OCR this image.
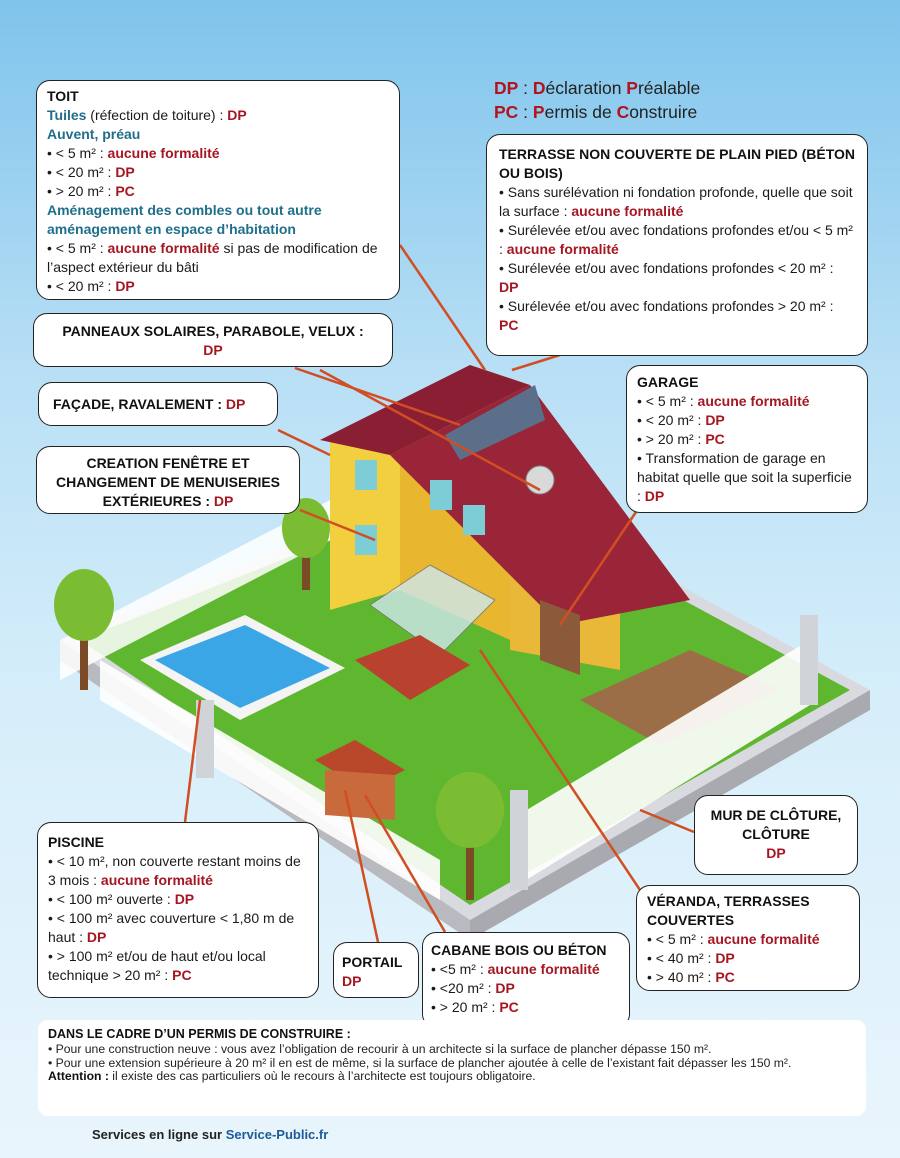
DP : Déclaration Préalable
PC : Permis de Construire
TOIT
Tuiles (réfection de toiture) : DP
Auvent, préau
• < 5 m² : aucune formalité
• < 20 m² : DP
• > 20 m² : PC
Aménagement des combles ou tout autre aménagement en espace d’habitation
• < 5 m² : aucune formalité si pas de modification de l’aspect extérieur du bâti
• < 20 m² : DP
TERRASSE NON COUVERTE DE PLAIN PIED (BÉTON OU BOIS)
• Sans surélévation ni fondation profonde, quelle que soit la surface : aucune formalité
• Surélevée et/ou avec fondations profondes et/ou < 5 m² : aucune formalité
• Surélevée et/ou avec fondations profondes < 20 m² : DP
• Surélevée et/ou avec fondations profondes > 20 m² : PC
PANNEAUX SOLAIRES, PARABOLE, VELUX :
DP
FAÇADE, RAVALEMENT : DP
CREATION FENÊTRE ET CHANGEMENT DE MENUISERIES EXTÉRIEURES : DP
GARAGE
• < 5 m² : aucune formalité
• < 20 m² : DP
• > 20 m² : PC
• Transformation de garage en habitat quelle que soit la superficie : DP
MUR DE CLÔTURE, CLÔTURE
DP
PISCINE
• < 10 m², non couverte restant moins de 3 mois : aucune formalité
• < 100 m² ouverte : DP
• < 100 m² avec couverture < 1,80 m de haut : DP
• > 100 m² et/ou de haut et/ou local technique > 20 m² : PC
PORTAIL
DP
CABANE BOIS OU BÉTON
• <5 m² : aucune formalité
• <20 m² : DP
• > 20 m² : PC
VÉRANDA, TERRASSES COUVERTES
• < 5 m² : aucune formalité
• < 40 m² : DP
• > 40 m² : PC
DANS LE CADRE D’UN PERMIS DE CONSTRUIRE :
• Pour une construction neuve : vous avez l’obligation de recourir à un architecte si la surface de plancher dépasse 150 m².
• Pour une extension supérieure à 20 m² il en est de même, si la surface de plancher ajoutée à celle de l’existant fait dépasser les 150 m².
Attention : il existe des cas particuliers où le recours à l’architecte est toujours obligatoire.
Services en ligne sur Service-Public.fr
